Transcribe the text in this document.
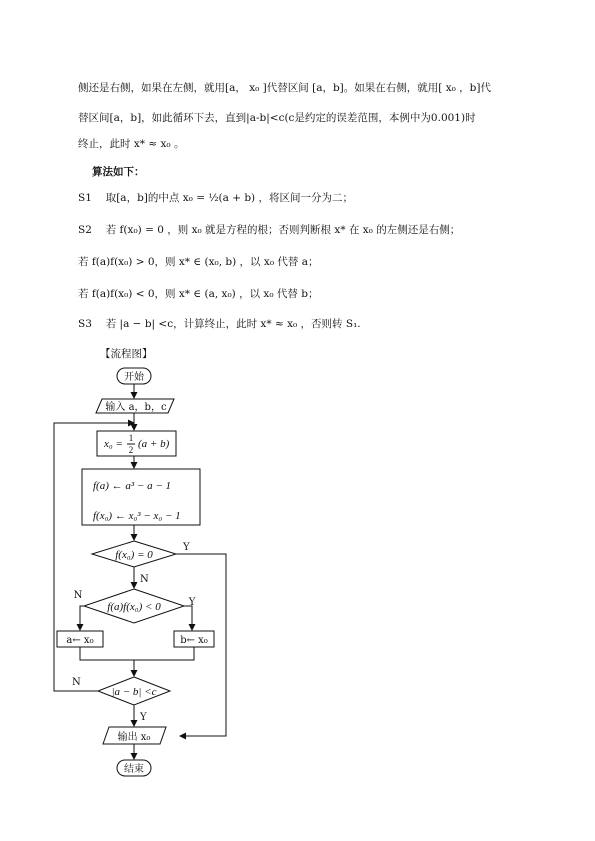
侧还是右侧，如果在左侧，就用[a， x₀ ]代替区间 [a，b]。如果在右侧，就用[ x₀ ，b]代
替区间[a，b]，如此循环下去，直到|a-b|<c(c是约定的误差范围，本例中为0.001)时
终止，此时 x* ≈ x₀ 。
算法如下：
S1　 取[a，b]的中点 x₀ = ½(a + b) ，将区间一分为二；
S2　 若 f(x₀) = 0 ，则 x₀ 就是方程的根；否则判断根 x* 在 x₀ 的左侧还是右侧；
若 f(a)f(x₀) > 0，则 x* ∈ (x₀, b) ，以 x₀ 代替 a；
若 f(a)f(x₀) < 0，则 x* ∈ (a, x₀) ，以 x₀ 代替 b；
S3　 若 |a − b| <c，计算终止，此时 x* ≈ x₀ ，否则转 S₁.
【流程图】
开始
输入 a，b，c
x₀ = 1
2 (a + b)
f(a) ← a³ − a − 1
f(x₀) ← x₀³ − x₀ − 1
f(x₀) = 0
Y
N
f(a)f(x₀) < 0
N
Y
a← x₀	b← x₀
|a − b| <c
N
Y
输出 x₀
结束
